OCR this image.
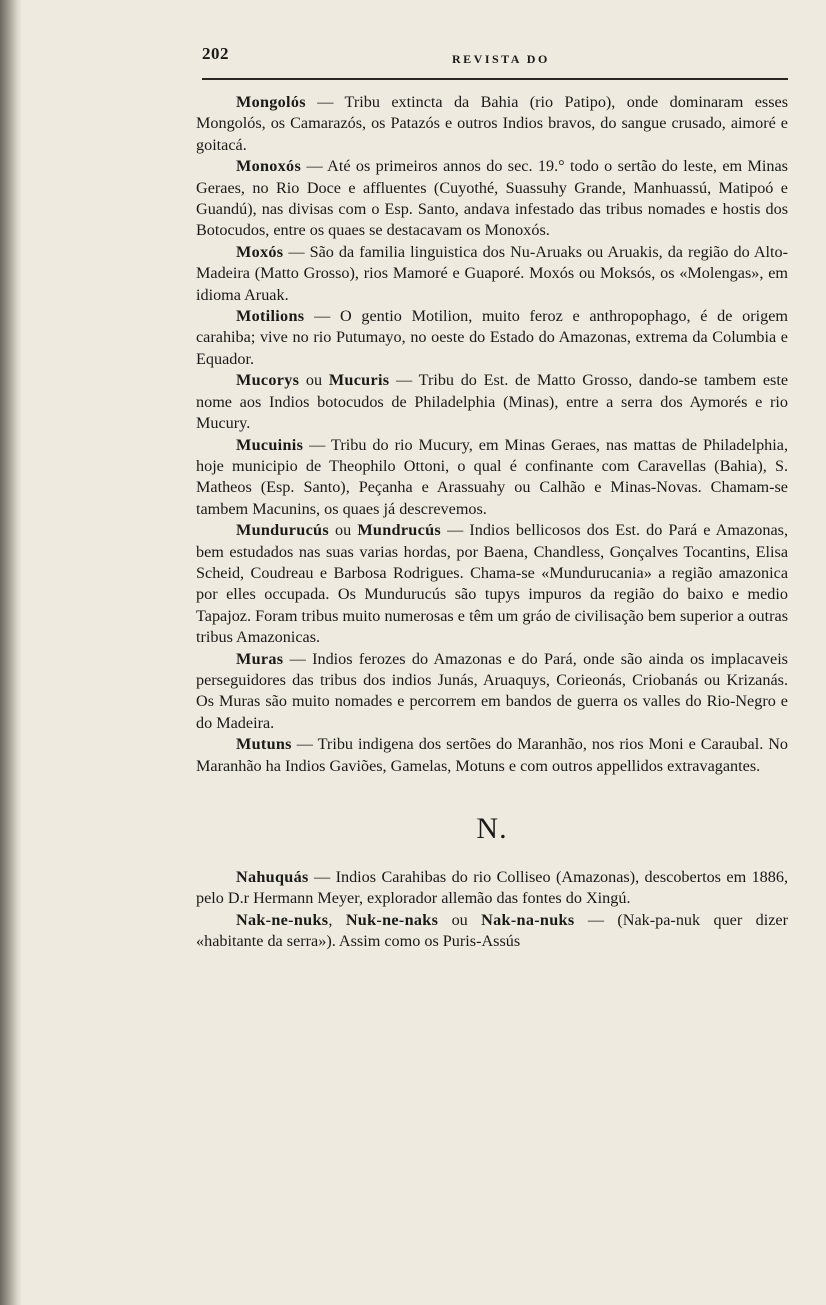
202	REVISTA DO

Mongolós — Tribu extincta da Bahia (rio Patipo), onde dominaram esses Mongolós, os Camarazós, os Patazós e outros Indios bravos, do sangue crusado, aimoré e goitacá.

Monoxós — Até os primeiros annos do sec. 19.° todo o sertão do leste, em Minas Geraes, no Rio Doce e affluentes (Cuyothé, Suassuhy Grande, Manhuassú, Matipoó e Guandú), nas divisas com o Esp. Santo, andava infestado das tribus nomades e hostis dos Botocudos, entre os quaes se destacavam os Monoxós.

Moxós — São da familia linguistica dos Nu-Aruaks ou Aruakis, da região do Alto-Madeira (Matto Grosso), rios Mamoré e Guaporé. Moxós ou Moksós, os «Molengas», em idioma Aruak.

Motilions — O gentio Motilion, muito feroz e anthropophago, é de origem carahiba; vive no rio Putumayo, no oeste do Estado do Amazonas, extrema da Columbia e Equador.

Mucorys ou Mucuris — Tribu do Est. de Matto Grosso, dando-se tambem este nome aos Indios botocudos de Philadelphia (Minas), entre a serra dos Aymorés e rio Mucury.

Mucuinis — Tribu do rio Mucury, em Minas Geraes, nas mattas de Philadelphia, hoje municipio de Theophilo Ottoni, o qual é confinante com Caravellas (Bahia), S. Matheos (Esp. Santo), Peçanha e Arassuahy ou Calhão e Minas-Novas. Chamam-se tambem Macunins, os quaes já descrevemos.

Mundurucús ou Mundrucús — Indios bellicosos dos Est. do Pará e Amazonas, bem estudados nas suas varias hordas, por Baena, Chandless, Gonçalves Tocantins, Elisa Scheid, Coudreau e Barbosa Rodrigues. Chama-se «Mundurucania» a região amazonica por elles occupada. Os Mundurucús são tupys impuros da região do baixo e medio Tapajoz. Foram tribus muito numerosas e têm um gráo de civilisação bem superior a outras tribus Amazonicas.

Muras — Indios ferozes do Amazonas e do Pará, onde são ainda os implacaveis perseguidores das tribus dos indios Junás, Aruaquys, Corieonás, Criobanás ou Krizanás. Os Muras são muito nomades e percorrem em bandos de guerra os valles do Rio-Negro e do Madeira.

Mutuns — Tribu indigena dos sertões do Maranhão, nos rios Moni e Caraubal. No Maranhão ha Indios Gaviões, Gamelas, Motuns e com outros appellidos extravagantes.

N.

Nahuquás — Indios Carahibas do rio Colliseo (Amazonas), descobertos em 1886, pelo D.r Hermann Meyer, explorador allemão das fontes do Xingú.

Nak-ne-nuks, Nuk-ne-naks ou Nak-na-nuks — (Nak-pa-nuk quer dizer «habitante da serra»). Assim como os Puris-Assús
